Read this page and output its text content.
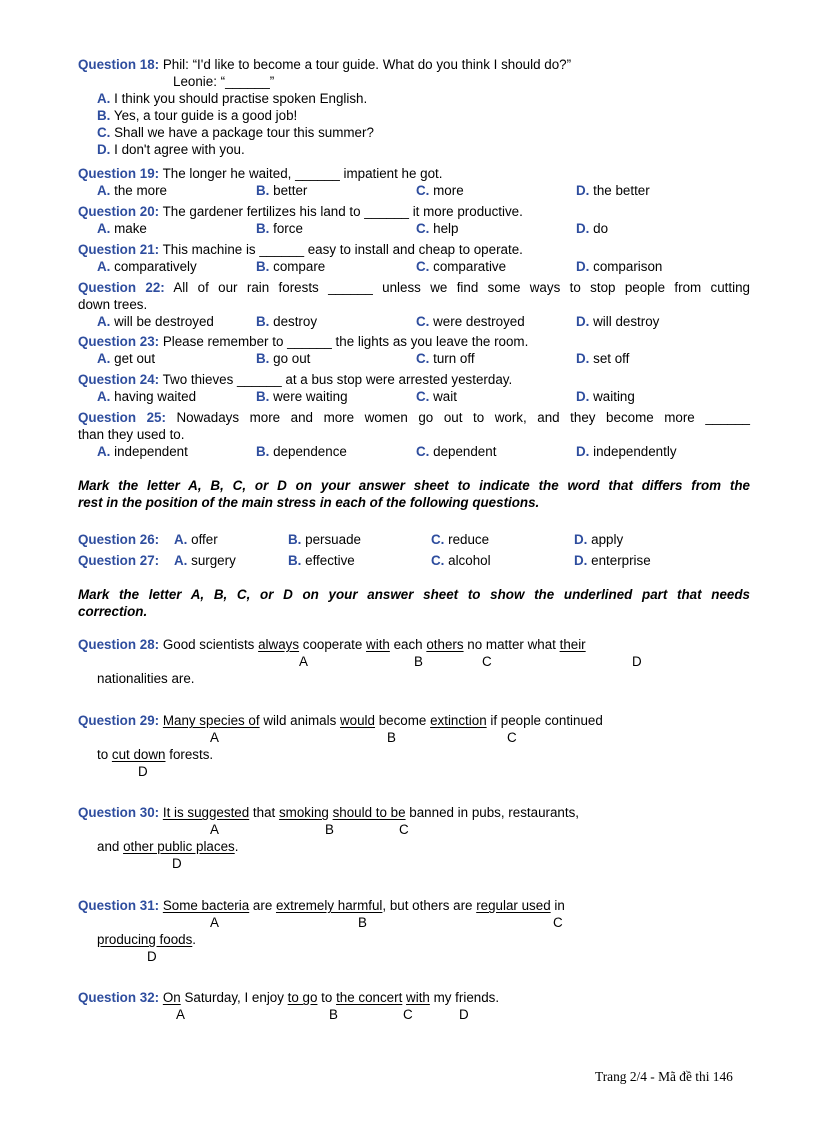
Question 18: Phil: “I'd like to become a tour guide. What do you think I should do?”
Leonie: “______”
A. I think you should practise spoken English.
B. Yes, a tour guide is a good job!
C. Shall we have a package tour this summer?
D. I don't agree with you.
Question 19: The longer he waited, ______ impatient he got.
A. the more	B. better	C. more	D. the better
Question 20: The gardener fertilizes his land to ______ it more productive.
A. make	B. force	C. help	D. do
Question 21: This machine is ______ easy to install and cheap to operate.
A. comparatively	B. compare	C. comparative	D. comparison
Question 22: All of our rain forests ______ unless we find some ways to stop people from cutting
down trees.
A. will be destroyed	B. destroy	C. were destroyed	D. will destroy
Question 23: Please remember to ______ the lights as you leave the room.
A. get out	B. go out	C. turn off	D. set off
Question 24: Two thieves ______ at a bus stop were arrested yesterday.
A. having waited	B. were waiting	C. wait	D. waiting
Question 25: Nowadays more and more women go out to work, and they become more ______
than they used to.
A. independent	B. dependence	C. dependent	D. independently
Mark the letter A, B, C, or D on your answer sheet to indicate the word that differs from the
rest in the position of the main stress in each of the following questions.
Question 26: A. offer	B. persuade	C. reduce	D. apply
Question 27: A. surgery	B. effective	C. alcohol	D. enterprise
Mark the letter A, B, C, or D on your answer sheet to show the underlined part that needs
correction.
Question 28: Good scientists always cooperate with each others no matter what their
A	B	C	D
nationalities are.
Question 29: Many species of wild animals would become extinction if people continued
A	B	C
to cut down forests.
D
Question 30: It is suggested that smoking should to be banned in pubs, restaurants,
A	B	C
and other public places.
D
Question 31: Some bacteria are extremely harmful, but others are regular used in
A	B	C
producing foods.
D
Question 32: On Saturday, I enjoy to go to the concert with my friends.
A	B	C	D
Trang 2/4 - Mã đề thi 146
